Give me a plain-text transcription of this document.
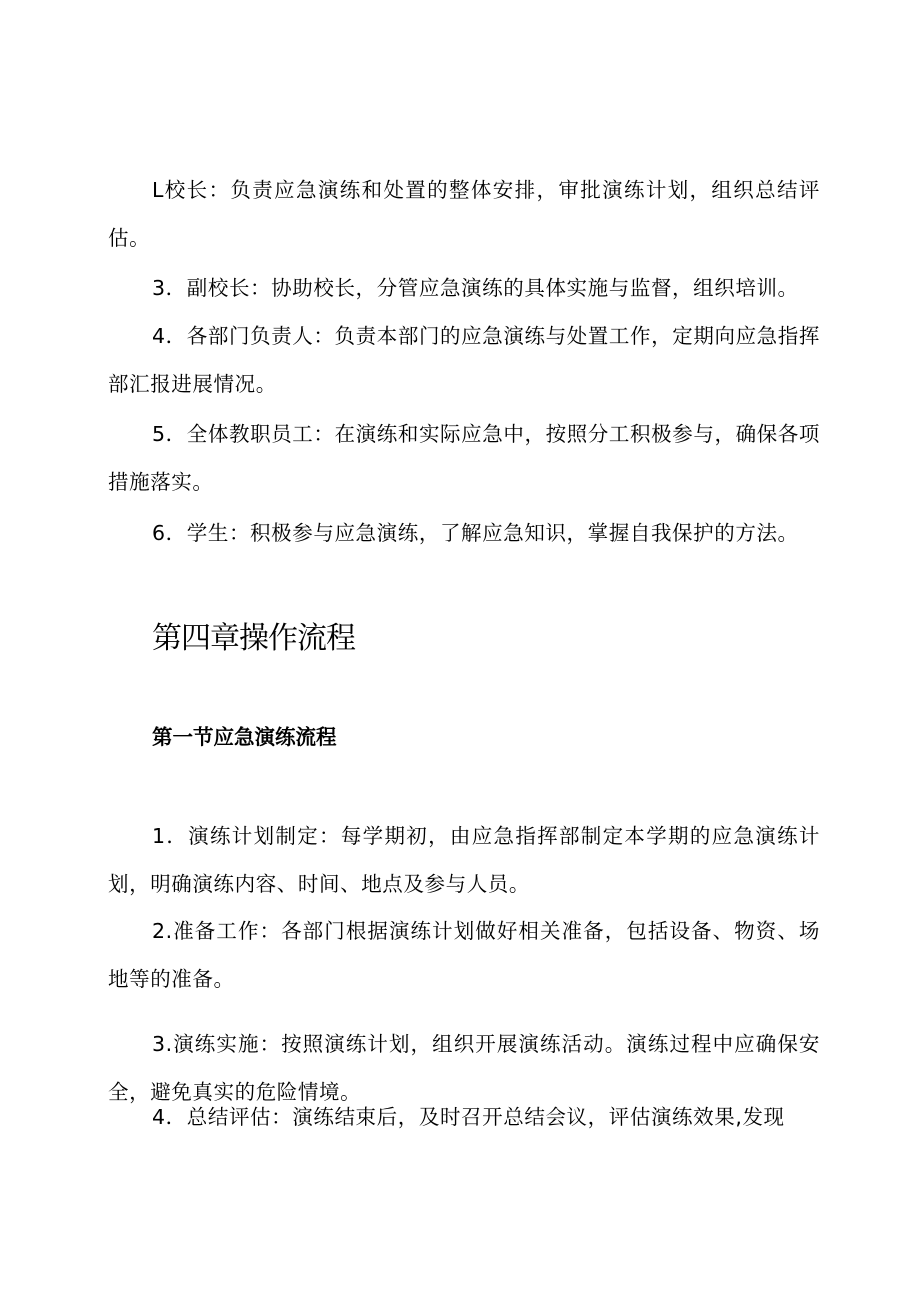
L校长：负责应急演练和处置的整体安排，审批演练计划，组织总结评估。

3．副校长：协助校长，分管应急演练的具体实施与监督，组织培训。

4．各部门负责人：负责本部门的应急演练与处置工作，定期向应急指挥部汇报进展情况。

5．全体教职员工：在演练和实际应急中，按照分工积极参与，确保各项措施落实。

6．学生：积极参与应急演练，了解应急知识，掌握自我保护的方法。

第四章操作流程
第一节应急演练流程

1．演练计划制定：每学期初，由应急指挥部制定本学期的应急演练计划，明确演练内容、时间、地点及参与人员。

2.准备工作：各部门根据演练计划做好相关准备，包括设备、物资、场地等的准备。

3.演练实施：按照演练计划，组织开展演练活动。演练过程中应确保安全，避免真实的危险情境。

4．总结评估：演练结束后，及时召开总结会议，评估演练效果,发现
